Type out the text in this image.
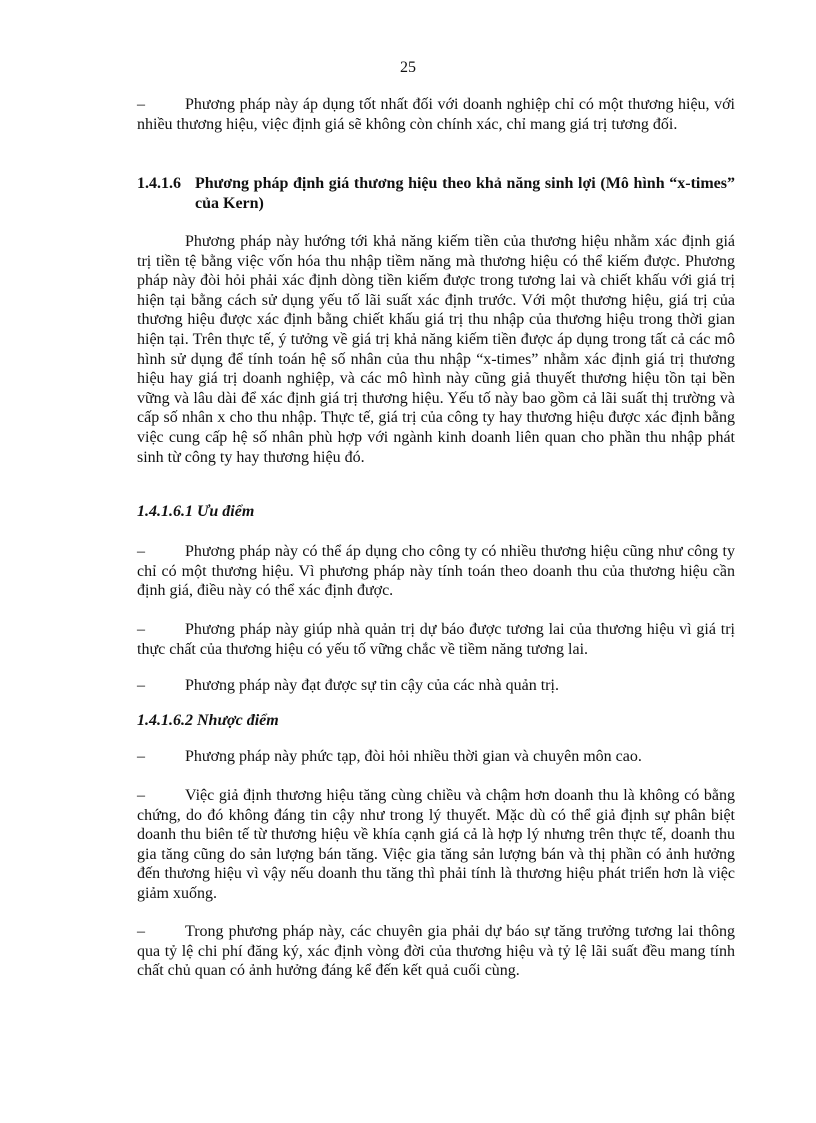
25

–	Phương pháp này áp dụng tốt nhất đối với doanh nghiệp chỉ có một thương hiệu, với nhiều thương hiệu, việc định giá sẽ không còn chính xác, chỉ mang giá trị tương đối.

1.4.1.6 Phương pháp định giá thương hiệu theo khả năng sinh lợi (Mô hình “x-times” của Kern)

Phương pháp này hướng tới khả năng kiếm tiền của thương hiệu nhằm xác định giá trị tiền tệ bằng việc vốn hóa thu nhập tiềm năng mà thương hiệu có thể kiếm được. Phương pháp này đòi hỏi phải xác định dòng tiền kiếm được trong tương lai và chiết khấu với giá trị hiện tại bằng cách sử dụng yếu tố lãi suất xác định trước. Với một thương hiệu, giá trị của thương hiệu được xác định bằng chiết khấu giá trị thu nhập của thương hiệu trong thời gian hiện tại. Trên thực tế, ý tưởng về giá trị khả năng kiếm tiền được áp dụng trong tất cả các mô hình sử dụng để tính toán hệ số nhân của thu nhập “x-times” nhằm xác định giá trị thương hiệu hay giá trị doanh nghiệp, và các mô hình này cũng giả thuyết thương hiệu tồn tại bền vững và lâu dài để xác định giá trị thương hiệu. Yếu tố này bao gồm cả lãi suất thị trường và cấp số nhân x cho thu nhập. Thực tế, giá trị của công ty hay thương hiệu được xác định bằng việc cung cấp hệ số nhân phù hợp với ngành kinh doanh liên quan cho phần thu nhập phát sinh từ công ty hay thương hiệu đó.

1.4.1.6.1 Ưu điểm

–	Phương pháp này có thể áp dụng cho công ty có nhiều thương hiệu cũng như công ty chỉ có một thương hiệu. Vì phương pháp này tính toán theo doanh thu của thương hiệu cần định giá, điều này có thể xác định được.

–	Phương pháp này giúp nhà quản trị dự báo được tương lai của thương hiệu vì giá trị thực chất của thương hiệu có yếu tố vững chắc về tiềm năng tương lai.

–	Phương pháp này đạt được sự tin cậy của các nhà quản trị.

1.4.1.6.2 Nhược điểm

–	Phương pháp này phức tạp, đòi hỏi nhiều thời gian và chuyên môn cao.

–	Việc giả định thương hiệu tăng cùng chiều và chậm hơn doanh thu là không có bằng chứng, do đó không đáng tin cậy như trong lý thuyết. Mặc dù có thể giả định sự phân biệt doanh thu biên tế từ thương hiệu về khía cạnh giá cả là hợp lý nhưng trên thực tế, doanh thu gia tăng cũng do sản lượng bán tăng. Việc gia tăng sản lượng bán và thị phần có ảnh hưởng đến thương hiệu vì vậy nếu doanh thu tăng thì phải tính là thương hiệu phát triển hơn là việc giảm xuống.

–	Trong phương pháp này, các chuyên gia phải dự báo sự tăng trưởng tương lai thông qua tỷ lệ chi phí đăng ký, xác định vòng đời của thương hiệu và tỷ lệ lãi suất đều mang tính chất chủ quan có ảnh hưởng đáng kể đến kết quả cuối cùng.
